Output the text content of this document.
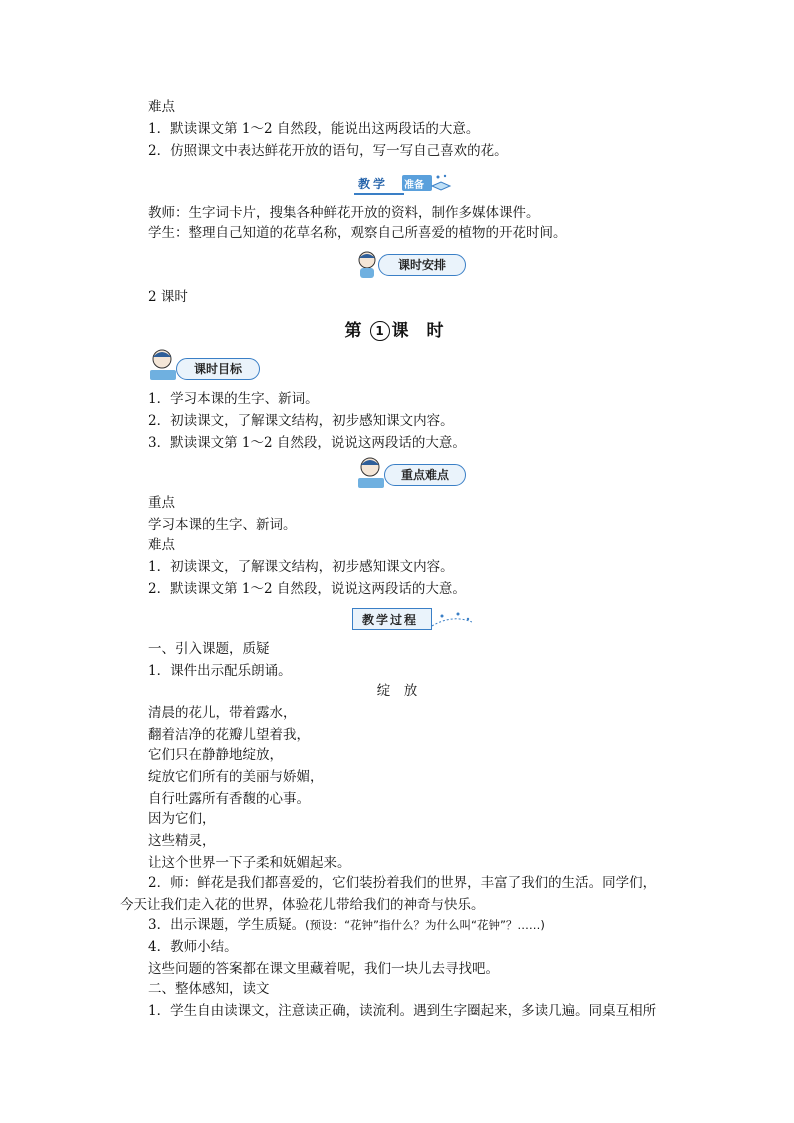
难点
1．默读课文第 1～2 自然段，能说出这两段话的大意。
2．仿照课文中表达鲜花开放的语句，写一写自己喜欢的花。
教学 准备
教师：生字词卡片，搜集各种鲜花开放的资料，制作多媒体课件。
学生：整理自己知道的花草名称，观察自己所喜爱的植物的开花时间。
课时安排
2 课时
第 1 课 时
课时目标
1．学习本课的生字、新词。
2．初读课文，了解课文结构，初步感知课文内容。
3．默读课文第 1～2 自然段，说说这两段话的大意。
重点难点
重点
学习本课的生字、新词。
难点
1．初读课文，了解课文结构，初步感知课文内容。
2．默读课文第 1～2 自然段，说说这两段话的大意。
教学过程
一、引入课题，质疑
1．课件出示配乐朗诵。
绽　放
清晨的花儿，带着露水，
翻着洁净的花瓣儿望着我，
它们只在静静地绽放，
绽放它们所有的美丽与娇媚，
自行吐露所有香馥的心事。
因为它们，
这些精灵，
让这个世界一下子柔和妩媚起来。
2．师：鲜花是我们都喜爱的，它们装扮着我们的世界，丰富了我们的生活。同学们，
今天让我们走入花的世界，体验花儿带给我们的神奇与快乐。
3．出示课题，学生质疑。(预设：“花钟”指什么？为什么叫“花钟”？……)
4．教师小结。
这些问题的答案都在课文里藏着呢，我们一块儿去寻找吧。
二、整体感知，读文
1．学生自由读课文，注意读正确，读流利。遇到生字圈起来，多读几遍。同桌互相所
